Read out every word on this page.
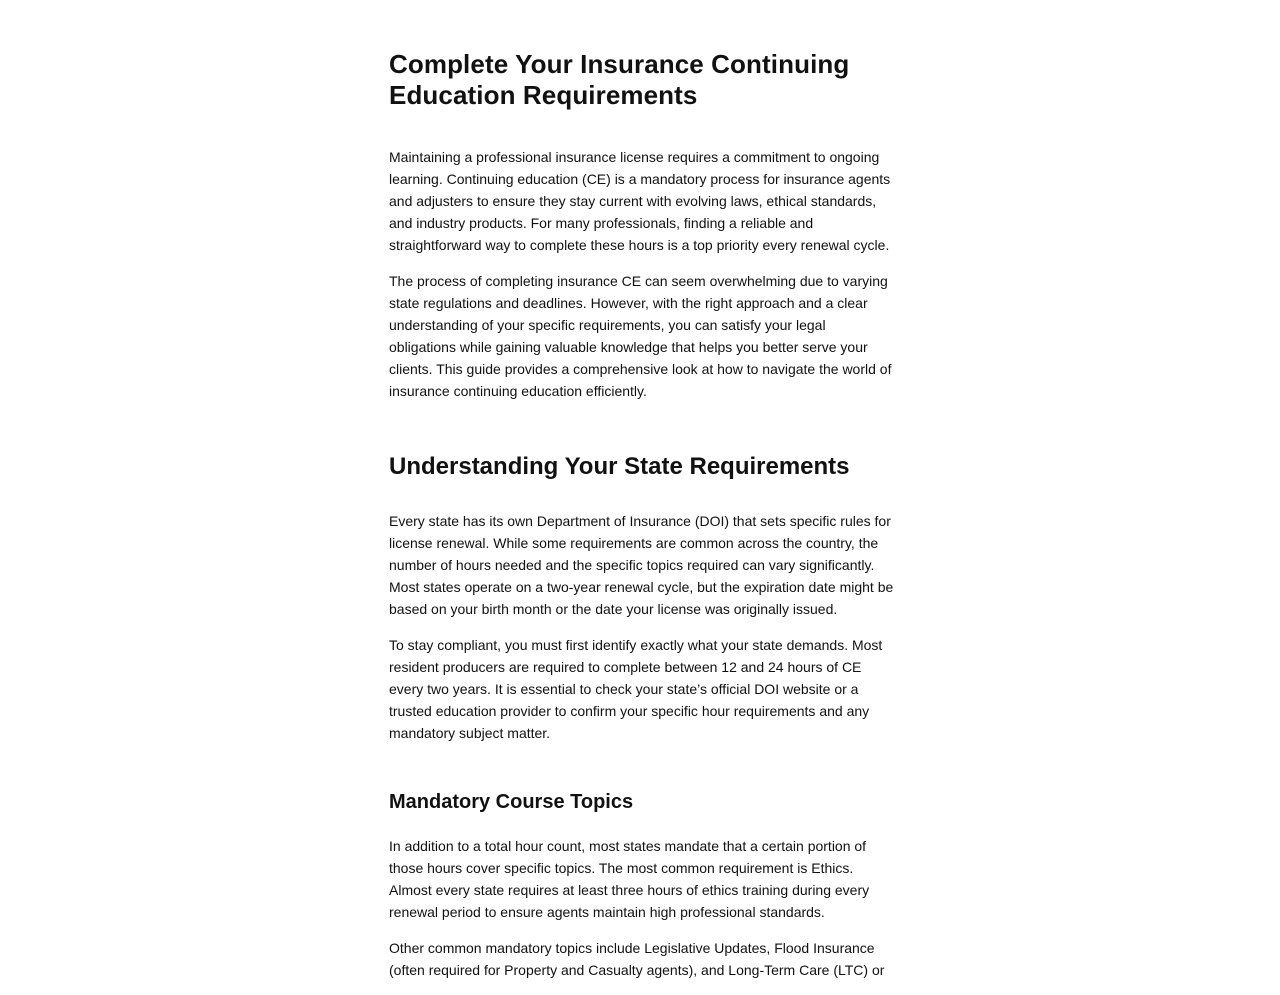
Complete Your Insurance Continuing Education Requirements

Maintaining a professional insurance license requires a commitment to ongoing learning. Continuing education (CE) is a mandatory process for insurance agents and adjusters to ensure they stay current with evolving laws, ethical standards, and industry products. For many professionals, finding a reliable and straightforward way to complete these hours is a top priority every renewal cycle.

The process of completing insurance CE can seem overwhelming due to varying state regulations and deadlines. However, with the right approach and a clear understanding of your specific requirements, you can satisfy your legal obligations while gaining valuable knowledge that helps you better serve your clients. This guide provides a comprehensive look at how to navigate the world of insurance continuing education efficiently.

Understanding Your State Requirements

Every state has its own Department of Insurance (DOI) that sets specific rules for license renewal. While some requirements are common across the country, the number of hours needed and the specific topics required can vary significantly. Most states operate on a two-year renewal cycle, but the expiration date might be based on your birth month or the date your license was originally issued.

To stay compliant, you must first identify exactly what your state demands. Most resident producers are required to complete between 12 and 24 hours of CE every two years. It is essential to check your state’s official DOI website or a trusted education provider to confirm your specific hour requirements and any mandatory subject matter.

Mandatory Course Topics

In addition to a total hour count, most states mandate that a certain portion of those hours cover specific topics. The most common requirement is Ethics. Almost every state requires at least three hours of ethics training during every renewal period to ensure agents maintain high professional standards.

Other common mandatory topics include Legislative Updates, Flood Insurance (often required for Property and Casualty agents), and Long-Term Care (LTC) or
